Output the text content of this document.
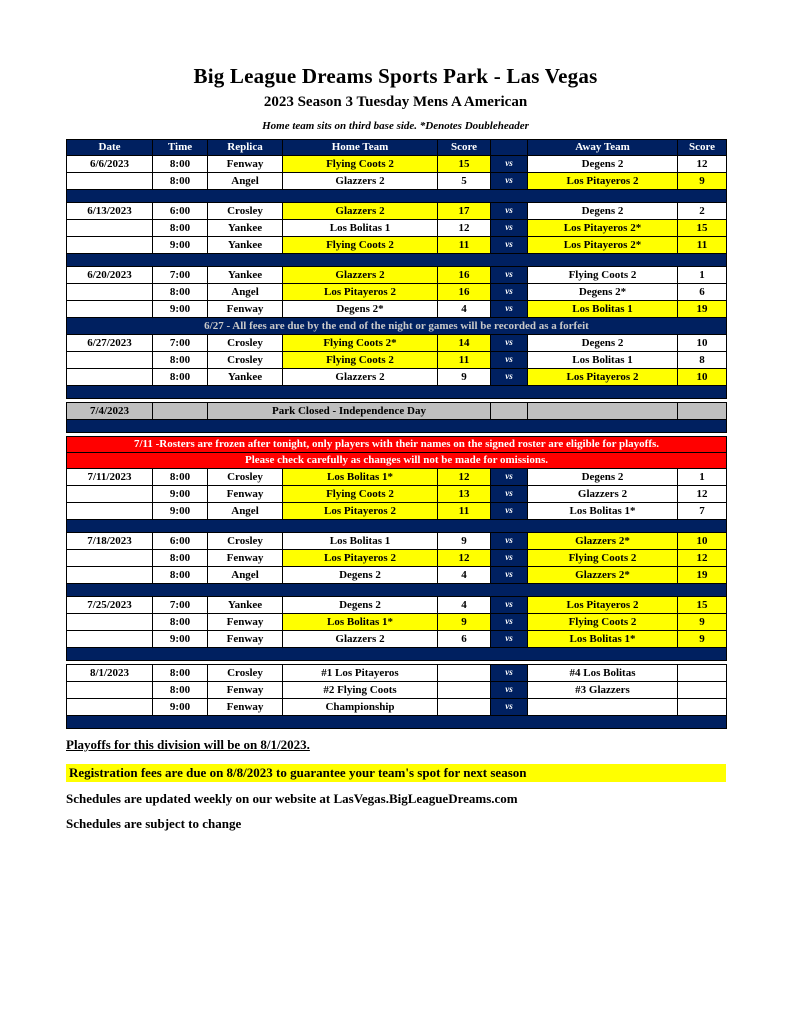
Big League Dreams Sports Park - Las Vegas
2023 Season 3 Tuesday Mens A American
Home team sits on third base side. *Denotes Doubleheader
Date	Time	Replica	Home Team	Score		Away Team	Score
6/6/2023	8:00	Fenway	Flying Coots 2	15	vs	Degens 2	12
	8:00	Angel	Glazzers 2	5	vs	Los Pitayeros 2	9

6/13/2023	6:00	Crosley	Glazzers 2	17	vs	Degens 2	2
	8:00	Yankee	Los Bolitas 1	12	vs	Los Pitayeros 2*	15
	9:00	Yankee	Flying Coots 2	11	vs	Los Pitayeros 2*	11

6/20/2023	7:00	Yankee	Glazzers 2	16	vs	Flying Coots 2	1
	8:00	Angel	Los Pitayeros 2	16	vs	Degens 2*	6
	9:00	Fenway	Degens 2*	4	vs	Los Bolitas 1	19
6/27 - All fees are due by the end of the night or games will be recorded as a forfeit							
6/27/2023	7:00	Crosley	Flying Coots 2*	14	vs	Degens 2	10
	8:00	Crosley	Flying Coots 2	11	vs	Los Bolitas 1	8
	8:00	Yankee	Glazzers 2	9	vs	Los Pitayeros 2	10

7/4/2023		Park Closed - Independence Day					

7/11 -Rosters are frozen after tonight, only players with their names on the signed roster are eligible for playoffs.							
Please check carefully as changes will not be made for omissions.							
7/11/2023	8:00	Crosley	Los Bolitas 1*	12	vs	Degens 2	1
	9:00	Fenway	Flying Coots 2	13	vs	Glazzers 2	12
	9:00	Angel	Los Pitayeros 2	11	vs	Los Bolitas 1*	7

7/18/2023	6:00	Crosley	Los Bolitas 1	9	vs	Glazzers 2*	10
	8:00	Fenway	Los Pitayeros 2	12	vs	Flying Coots 2	12
	8:00	Angel	Degens 2	4	vs	Glazzers 2*	19

7/25/2023	7:00	Yankee	Degens 2	4	vs	Los Pitayeros 2	15
	8:00	Fenway	Los Bolitas 1*	9	vs	Flying Coots 2	9
	9:00	Fenway	Glazzers 2	6	vs	Los Bolitas 1*	9

8/1/2023	8:00	Crosley	#1 Los Pitayeros		vs	#4 Los Bolitas	
	8:00	Fenway	#2 Flying Coots		vs	#3 Glazzers	
	9:00	Fenway	Championship		vs		

Playoffs for this division will be on 8/1/2023.
Registration fees are due on 8/8/2023 to guarantee your team's spot for next season
Schedules are updated weekly on our website at LasVegas.BigLeagueDreams.com
Schedules are subject to change
